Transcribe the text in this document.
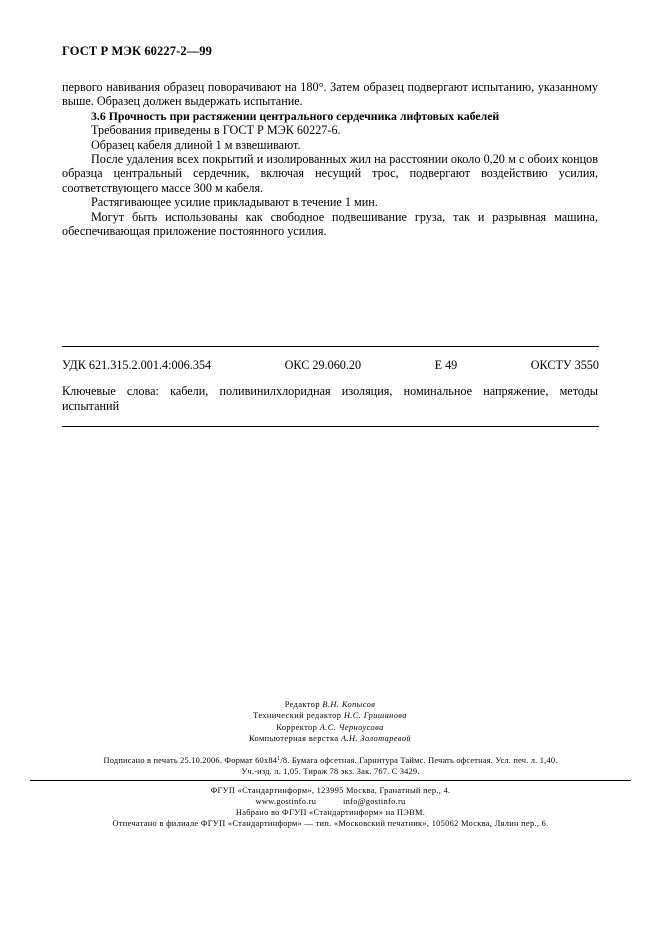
ГОСТ Р МЭК 60227-2—99

первого навивания образец поворачивают на 180°. Затем образец подвергают испытанию, указанному выше. Образец должен выдержать испытание.

3.6 Прочность при растяжении центрального сердечника лифтовых кабелей

Требования приведены в ГОСТ Р МЭК 60227-6.

Образец кабеля длиной 1 м взвешивают.

После удаления всех покрытий и изолированных жил на расстоянии около 0,20 м с обоих концов образца центральный сердечник, включая несущий трос, подвергают воздействию усилия, соответствующего массе 300 м кабеля.

Растягивающее усилие прикладывают в течение 1 мин.

Могут быть использованы как свободное подвешивание груза, так и разрывная машина, обеспечивающая приложение постоянного усилия.

УДК 621.315.2.001.4:006.354	ОКС 29.060.20	Е 49	ОКСТУ 3550
Ключевые слова: кабели, поливинилхлоридная изоляция, номинальное напряжение, методы испытаний
Редактор В.Н. Копысов
Технический редактор Н.С. Гришанова
Корректор А.С. Черноусова
Компьютерная верстка А.Н. Золотаревой
Подписано в печать 25.10.2006. Формат $60x84^1/8$. Бумага офсетная. Гарнитура Таймс. Печать офсетная. Усл. печ. л. 1,40.
Уч.-изд. л. 1,05. Тираж 78 экз. Зак. 767. С 3429.
ФГУП «Стандартинформ», 123995 Москва, Гранатный пер., 4.
www.gostinfo.ru	info@gostinfo.ru
Набрано во ФГУП «Стандартинформ» на ПЭВМ.
Отпечатано в филиале ФГУП «Стандартинформ» — тип. «Московский печатник», 105062 Москва, Лялин пер., 6.
